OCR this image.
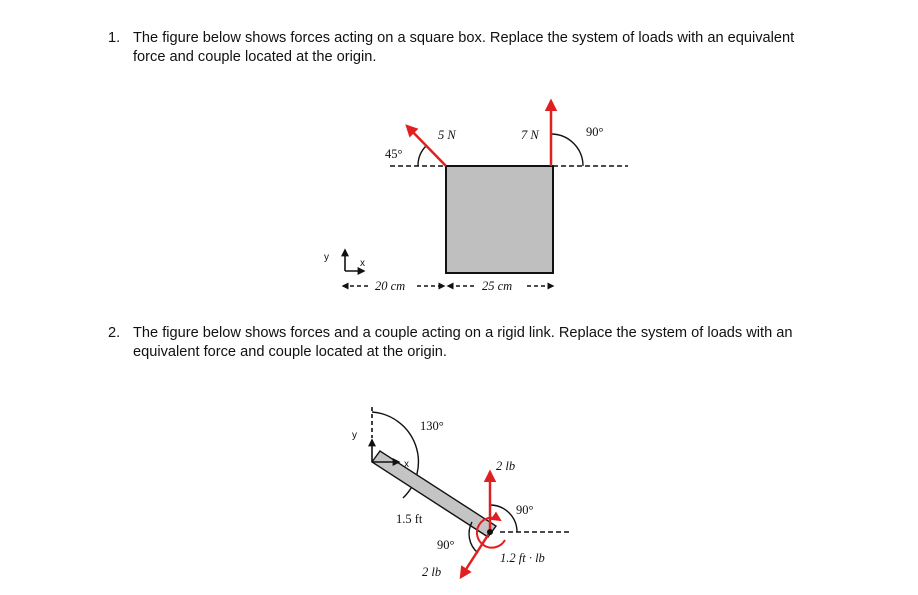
1. The figure below shows forces acting on a square box. Replace the system of loads with an equivalent force and couple located at the origin.
2. The figure below shows forces and a couple acting on a rigid link. Replace the system of loads with an equivalent force and couple located at the origin.
5 N	7 N
45°
90°
y
x
20 cm	25 cm
130°
y
x
1.5 ft
90°
90°
2 lb
2 lb
1.2 ft · lb
